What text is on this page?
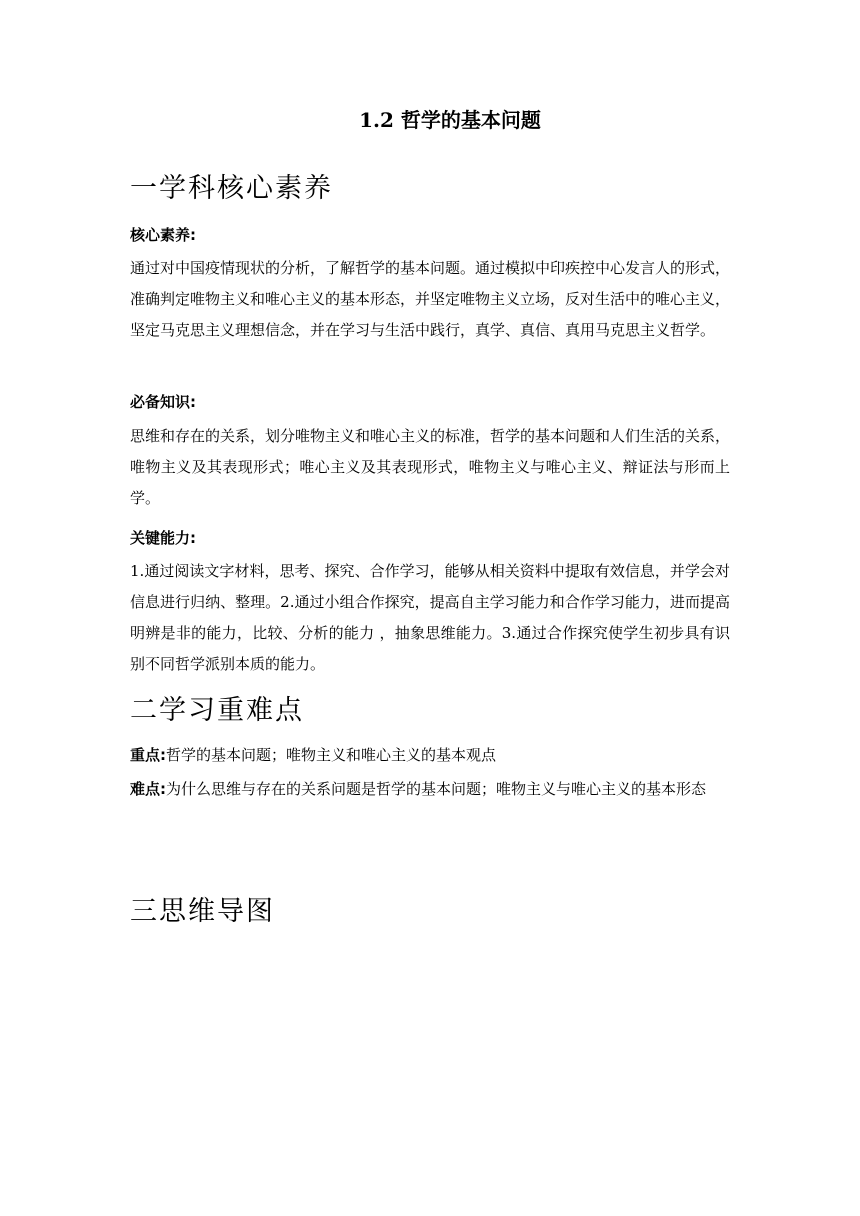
1.2 哲学的基本问题
一学科核心素养
核心素养:
通过对中国疫情现状的分析，了解哲学的基本问题。通过模拟中印疾控中心发言人的形式，准确判定唯物主义和唯心主义的基本形态，并坚定唯物主义立场，反对生活中的唯心主义，坚定马克思主义理想信念，并在学习与生活中践行，真学、真信、真用马克思主义哲学。
必备知识:
思维和存在的关系，划分唯物主义和唯心主义的标准，哲学的基本问题和人们生活的关系，唯物主义及其表现形式；唯心主义及其表现形式，唯物主义与唯心主义、辩证法与形而上学。
关键能力:
1.通过阅读文字材料，思考、探究、合作学习，能够从相关资料中提取有效信息，并学会对信息进行归纳、整理。2.通过小组合作探究，提高自主学习能力和合作学习能力，进而提高明辨是非的能力，比较、分析的能力 ，抽象思维能力。3.通过合作探究使学生初步具有识别不同哲学派别本质的能力。
二学习重难点
重点:哲学的基本问题；唯物主义和唯心主义的基本观点
难点:为什么思维与存在的关系问题是哲学的基本问题；唯物主义与唯心主义的基本形态
三思维导图
